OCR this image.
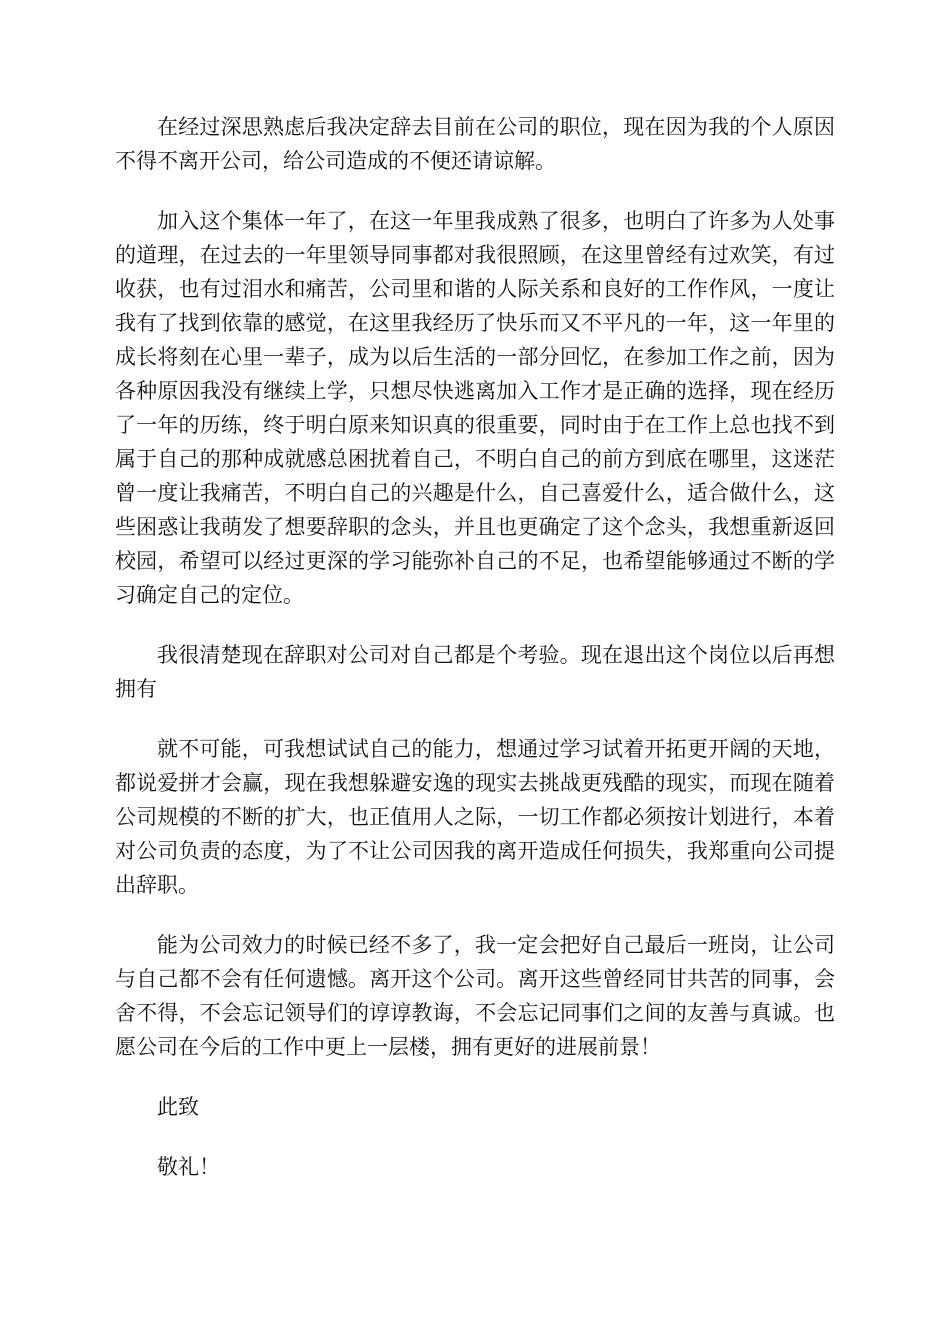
在经过深思熟虑后我决定辞去目前在公司的职位，现在因为我的个人原因不得不离开公司，给公司造成的不便还请谅解。

加入这个集体一年了，在这一年里我成熟了很多，也明白了许多为人处事的道理，在过去的一年里领导同事都对我很照顾，在这里曾经有过欢笑，有过收获，也有过泪水和痛苦，公司里和谐的人际关系和良好的工作作风，一度让我有了找到依靠的感觉，在这里我经历了快乐而又不平凡的一年，这一年里的成长将刻在心里一辈子，成为以后生活的一部分回忆，在参加工作之前，因为各种原因我没有继续上学，只想尽快逃离加入工作才是正确的选择，现在经历了一年的历练，终于明白原来知识真的很重要，同时由于在工作上总也找不到属于自己的那种成就感总困扰着自己，不明白自己的前方到底在哪里，这迷茫曾一度让我痛苦，不明白自己的兴趣是什么，自己喜爱什么，适合做什么，这些困惑让我萌发了想要辞职的念头，并且也更确定了这个念头，我想重新返回校园，希望可以经过更深的学习能弥补自己的不足，也希望能够通过不断的学习确定自己的定位。

我很清楚现在辞职对公司对自己都是个考验。现在退出这个岗位以后再想拥有

就不可能，可我想试试自己的能力，想通过学习试着开拓更开阔的天地，都说爱拼才会赢，现在我想躲避安逸的现实去挑战更残酷的现实，而现在随着公司规模的不断的扩大，也正值用人之际，一切工作都必须按计划进行，本着对公司负责的态度，为了不让公司因我的离开造成任何损失，我郑重向公司提出辞职。

能为公司效力的时候已经不多了，我一定会把好自己最后一班岗，让公司与自己都不会有任何遗憾。离开这个公司。离开这些曾经同甘共苦的同事，会舍不得，不会忘记领导们的谆谆教诲，不会忘记同事们之间的友善与真诚。也愿公司在今后的工作中更上一层楼，拥有更好的进展前景！

此致

敬礼！
